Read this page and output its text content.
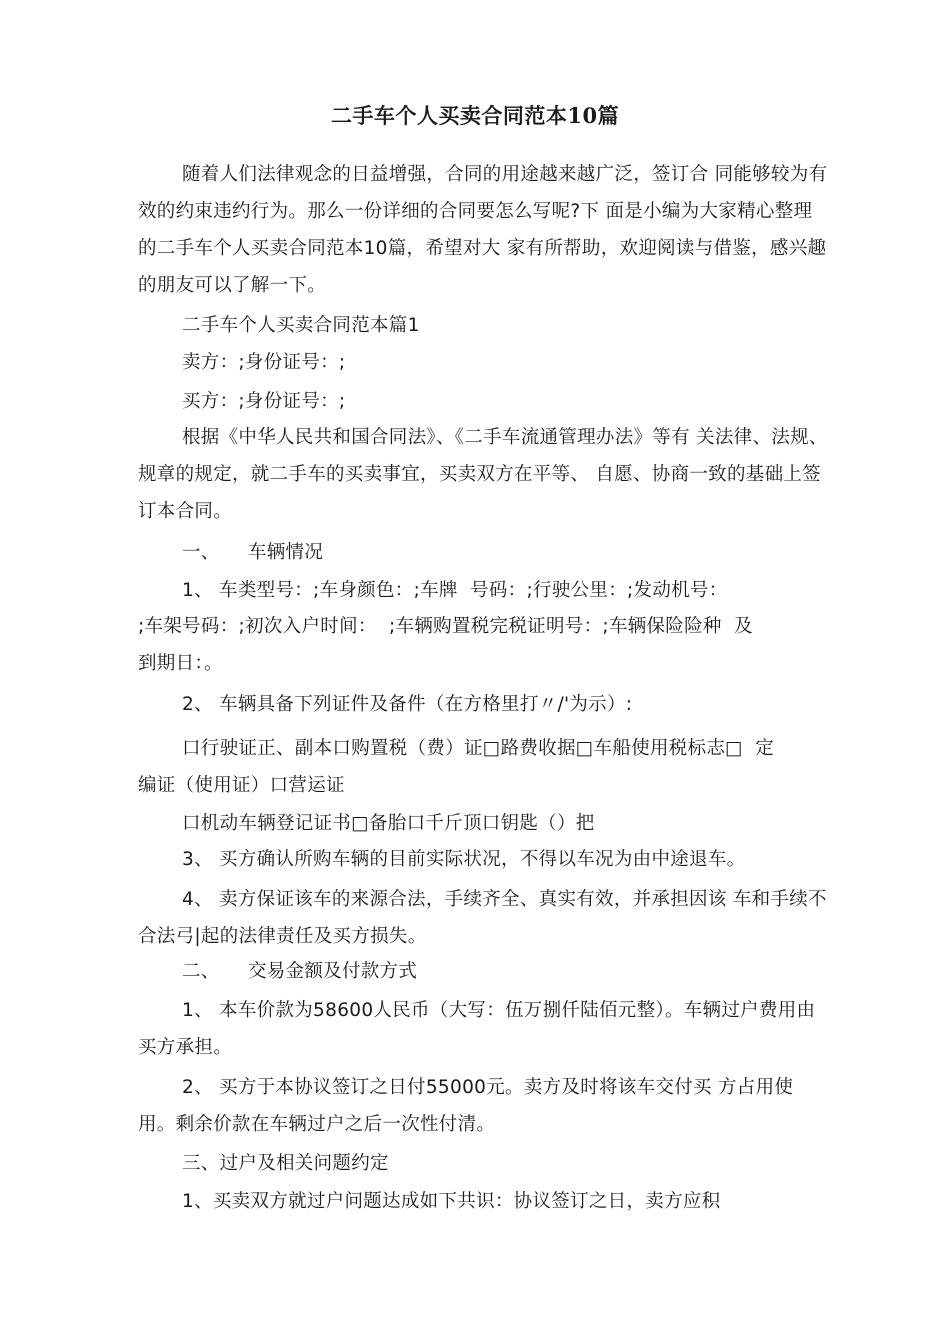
二手车个人买卖合同范本10篇

随着人们法律观念的日益增强，合同的用途越来越广泛，签订合 同能够较为有效的约束违约行为。那么一份详细的合同要怎么写呢?下 面是小编为大家精心整理的二手车个人买卖合同范本10篇，希望对大 家有所帮助，欢迎阅读与借鉴，感兴趣的朋友可以了解一下。

二手车个人买卖合同范本篇1
卖方：;身份证号：;
买方：;身份证号：;

根据《中华人民共和国合同法》、《二手车流通管理办法》等有 关法律、法规、规章的规定，就二手车的买卖事宜，买卖双方在平等、 自愿、协商一致的基础上签订本合同。

一、　　车辆情况
1、 车类型号：;车身颜色：;车牌  号码：;行驶公里：;发动机号：
;车架号码：;初次入户时间：  ;车辆购置税完税证明号：;车辆保险险种  及
到期日：。
2、 车辆具备下列证件及备件（在方格里打〃/'为示）:
口行驶证正、副本口购置税（费）证□路费收据□车船使用税标志□  定
编证（使用证）口营运证
口机动车辆登记证书□备胎口千斤顶口钥匙（）把
3、 买方确认所购车辆的目前实际状况，不得以车况为由中途退车。

4、 卖方保证该车的来源合法，手续齐全、真实有效，并承担因该 车和手续不合法弓|起的法律责任及买方损失。

二、　　交易金额及付款方式

1、 本车价款为58600人民币（大写：伍万捌仟陆佰元整）。车辆过户费用由买方承担。

2、 买方于本协议签订之日付55000元。卖方及时将该车交付买 方占用使用。剩余价款在车辆过户之后一次性付清。

三、过户及相关问题约定
1、买卖双方就过户问题达成如下共识：协议签订之日，卖方应积
